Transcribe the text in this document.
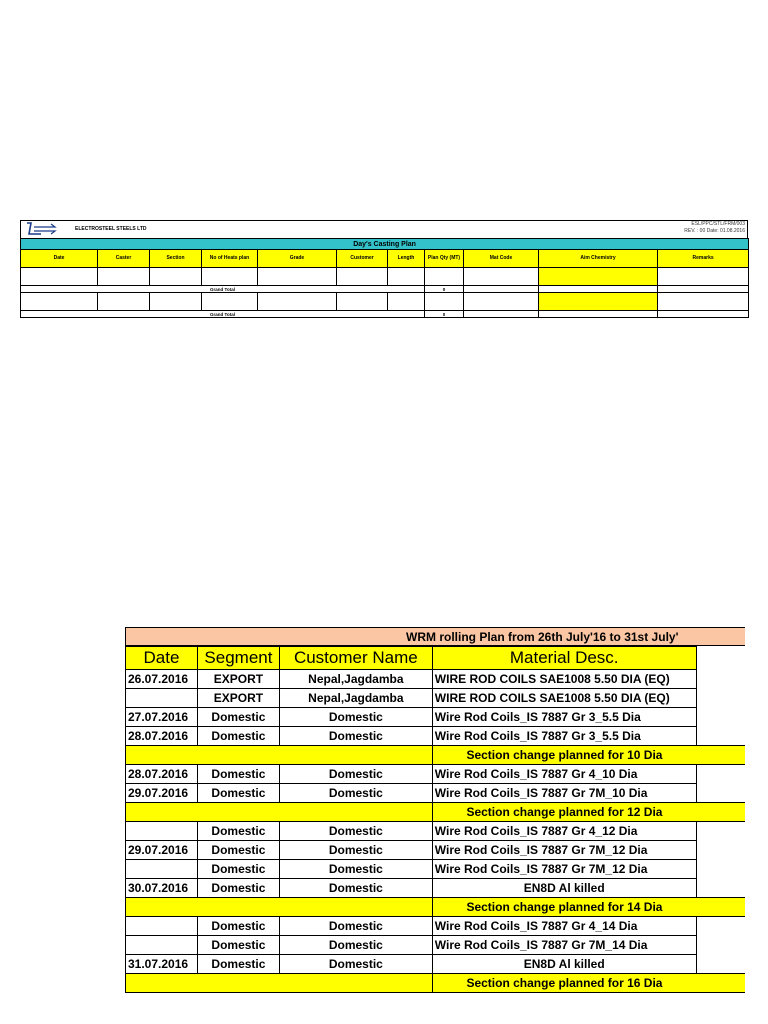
ELECTROSTEEL STEELS LTD
ESL/PPC/STL/FRM/003
REV. : 00 Date: 01.08.2016
Day's Casting Plan										
Date	Caster	Section	No of Heats plan	Grade	Customer	Length	Plan Qty (MT)	Mat Code	Aim Chemistry	Remarks

Grand Total							0			

Grand Total							0			
WRM rolling Plan from 26th July'16 to 31st July'
Date	Segment	Customer Name	Material Desc.	
26.07.2016	EXPORT	Nepal,Jagdamba	WIRE ROD COILS SAE1008 5.50 DIA (EQ)	
	EXPORT	Nepal,Jagdamba	WIRE ROD COILS SAE1008 5.50 DIA (EQ)	
27.07.2016	Domestic	Domestic	Wire Rod Coils_IS 7887 Gr 3_5.5 Dia	
28.07.2016	Domestic	Domestic	Wire Rod Coils_IS 7887 Gr 3_5.5 Dia	
			Section change planned for 10 Dia	
28.07.2016	Domestic	Domestic	Wire Rod Coils_IS 7887 Gr 4_10 Dia	
29.07.2016	Domestic	Domestic	Wire Rod Coils_IS 7887 Gr 7M_10 Dia	
			Section change planned for 12 Dia	
	Domestic	Domestic	Wire Rod Coils_IS 7887 Gr 4_12 Dia	
29.07.2016	Domestic	Domestic	Wire Rod Coils_IS 7887 Gr 7M_12 Dia	
	Domestic	Domestic	Wire Rod Coils_IS 7887 Gr 7M_12 Dia	
30.07.2016	Domestic	Domestic	EN8D Al killed	
			Section change planned for 14 Dia	
	Domestic	Domestic	Wire Rod Coils_IS 7887 Gr 4_14 Dia	
	Domestic	Domestic	Wire Rod Coils_IS 7887 Gr 7M_14 Dia	
31.07.2016	Domestic	Domestic	EN8D Al killed	
			Section change planned for 16 Dia	
